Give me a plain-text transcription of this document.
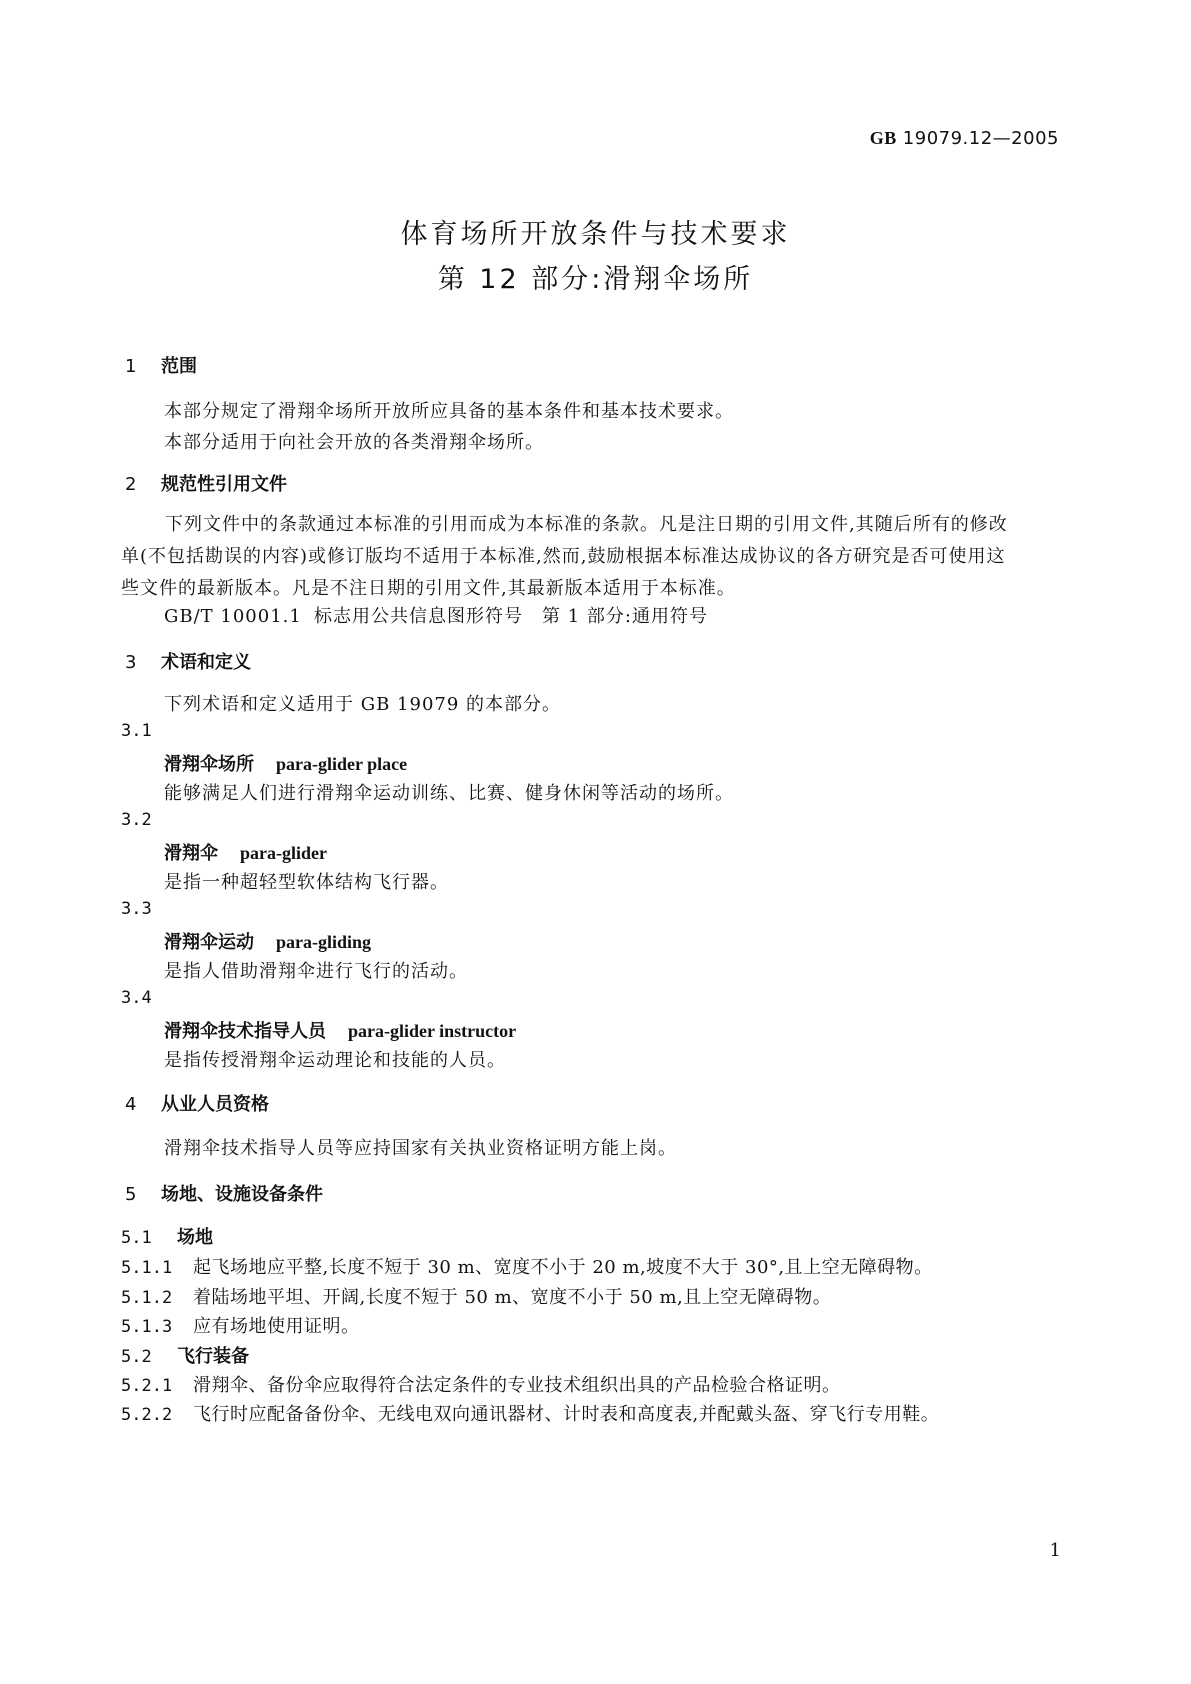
GB 19079.12—2005
体育场所开放条件与技术要求
第 12 部分:滑翔伞场所
1 范围
本部分规定了滑翔伞场所开放所应具备的基本条件和基本技术要求。
本部分适用于向社会开放的各类滑翔伞场所。
2 规范性引用文件
下列文件中的条款通过本标准的引用而成为本标准的条款。凡是注日期的引用文件,其随后所有的修改单(不包括勘误的内容)或修订版均不适用于本标准,然而,鼓励根据本标准达成协议的各方研究是否可使用这些文件的最新版本。凡是不注日期的引用文件,其最新版本适用于本标准。
GB/T 10001.1 标志用公共信息图形符号　第 1 部分:通用符号
3 术语和定义
下列术语和定义适用于 GB 19079 的本部分。
3.1
滑翔伞场所 para-glider place
能够满足人们进行滑翔伞运动训练、比赛、健身休闲等活动的场所。
3.2
滑翔伞 para-glider
是指一种超轻型软体结构飞行器。
3.3
滑翔伞运动 para-gliding
是指人借助滑翔伞进行飞行的活动。
3.4
滑翔伞技术指导人员 para-glider instructor
是指传授滑翔伞运动理论和技能的人员。
4 从业人员资格
滑翔伞技术指导人员等应持国家有关执业资格证明方能上岗。
5 场地、设施设备条件
5.1 场地
5.1.1 起飞场地应平整,长度不短于 30 m、宽度不小于 20 m,坡度不大于 30°,且上空无障碍物。
5.1.2 着陆场地平坦、开阔,长度不短于 50 m、宽度不小于 50 m,且上空无障碍物。
5.1.3 应有场地使用证明。
5.2 飞行装备
5.2.1 滑翔伞、备份伞应取得符合法定条件的专业技术组织出具的产品检验合格证明。
5.2.2 飞行时应配备备份伞、无线电双向通讯器材、计时表和高度表,并配戴头盔、穿飞行专用鞋。
1
